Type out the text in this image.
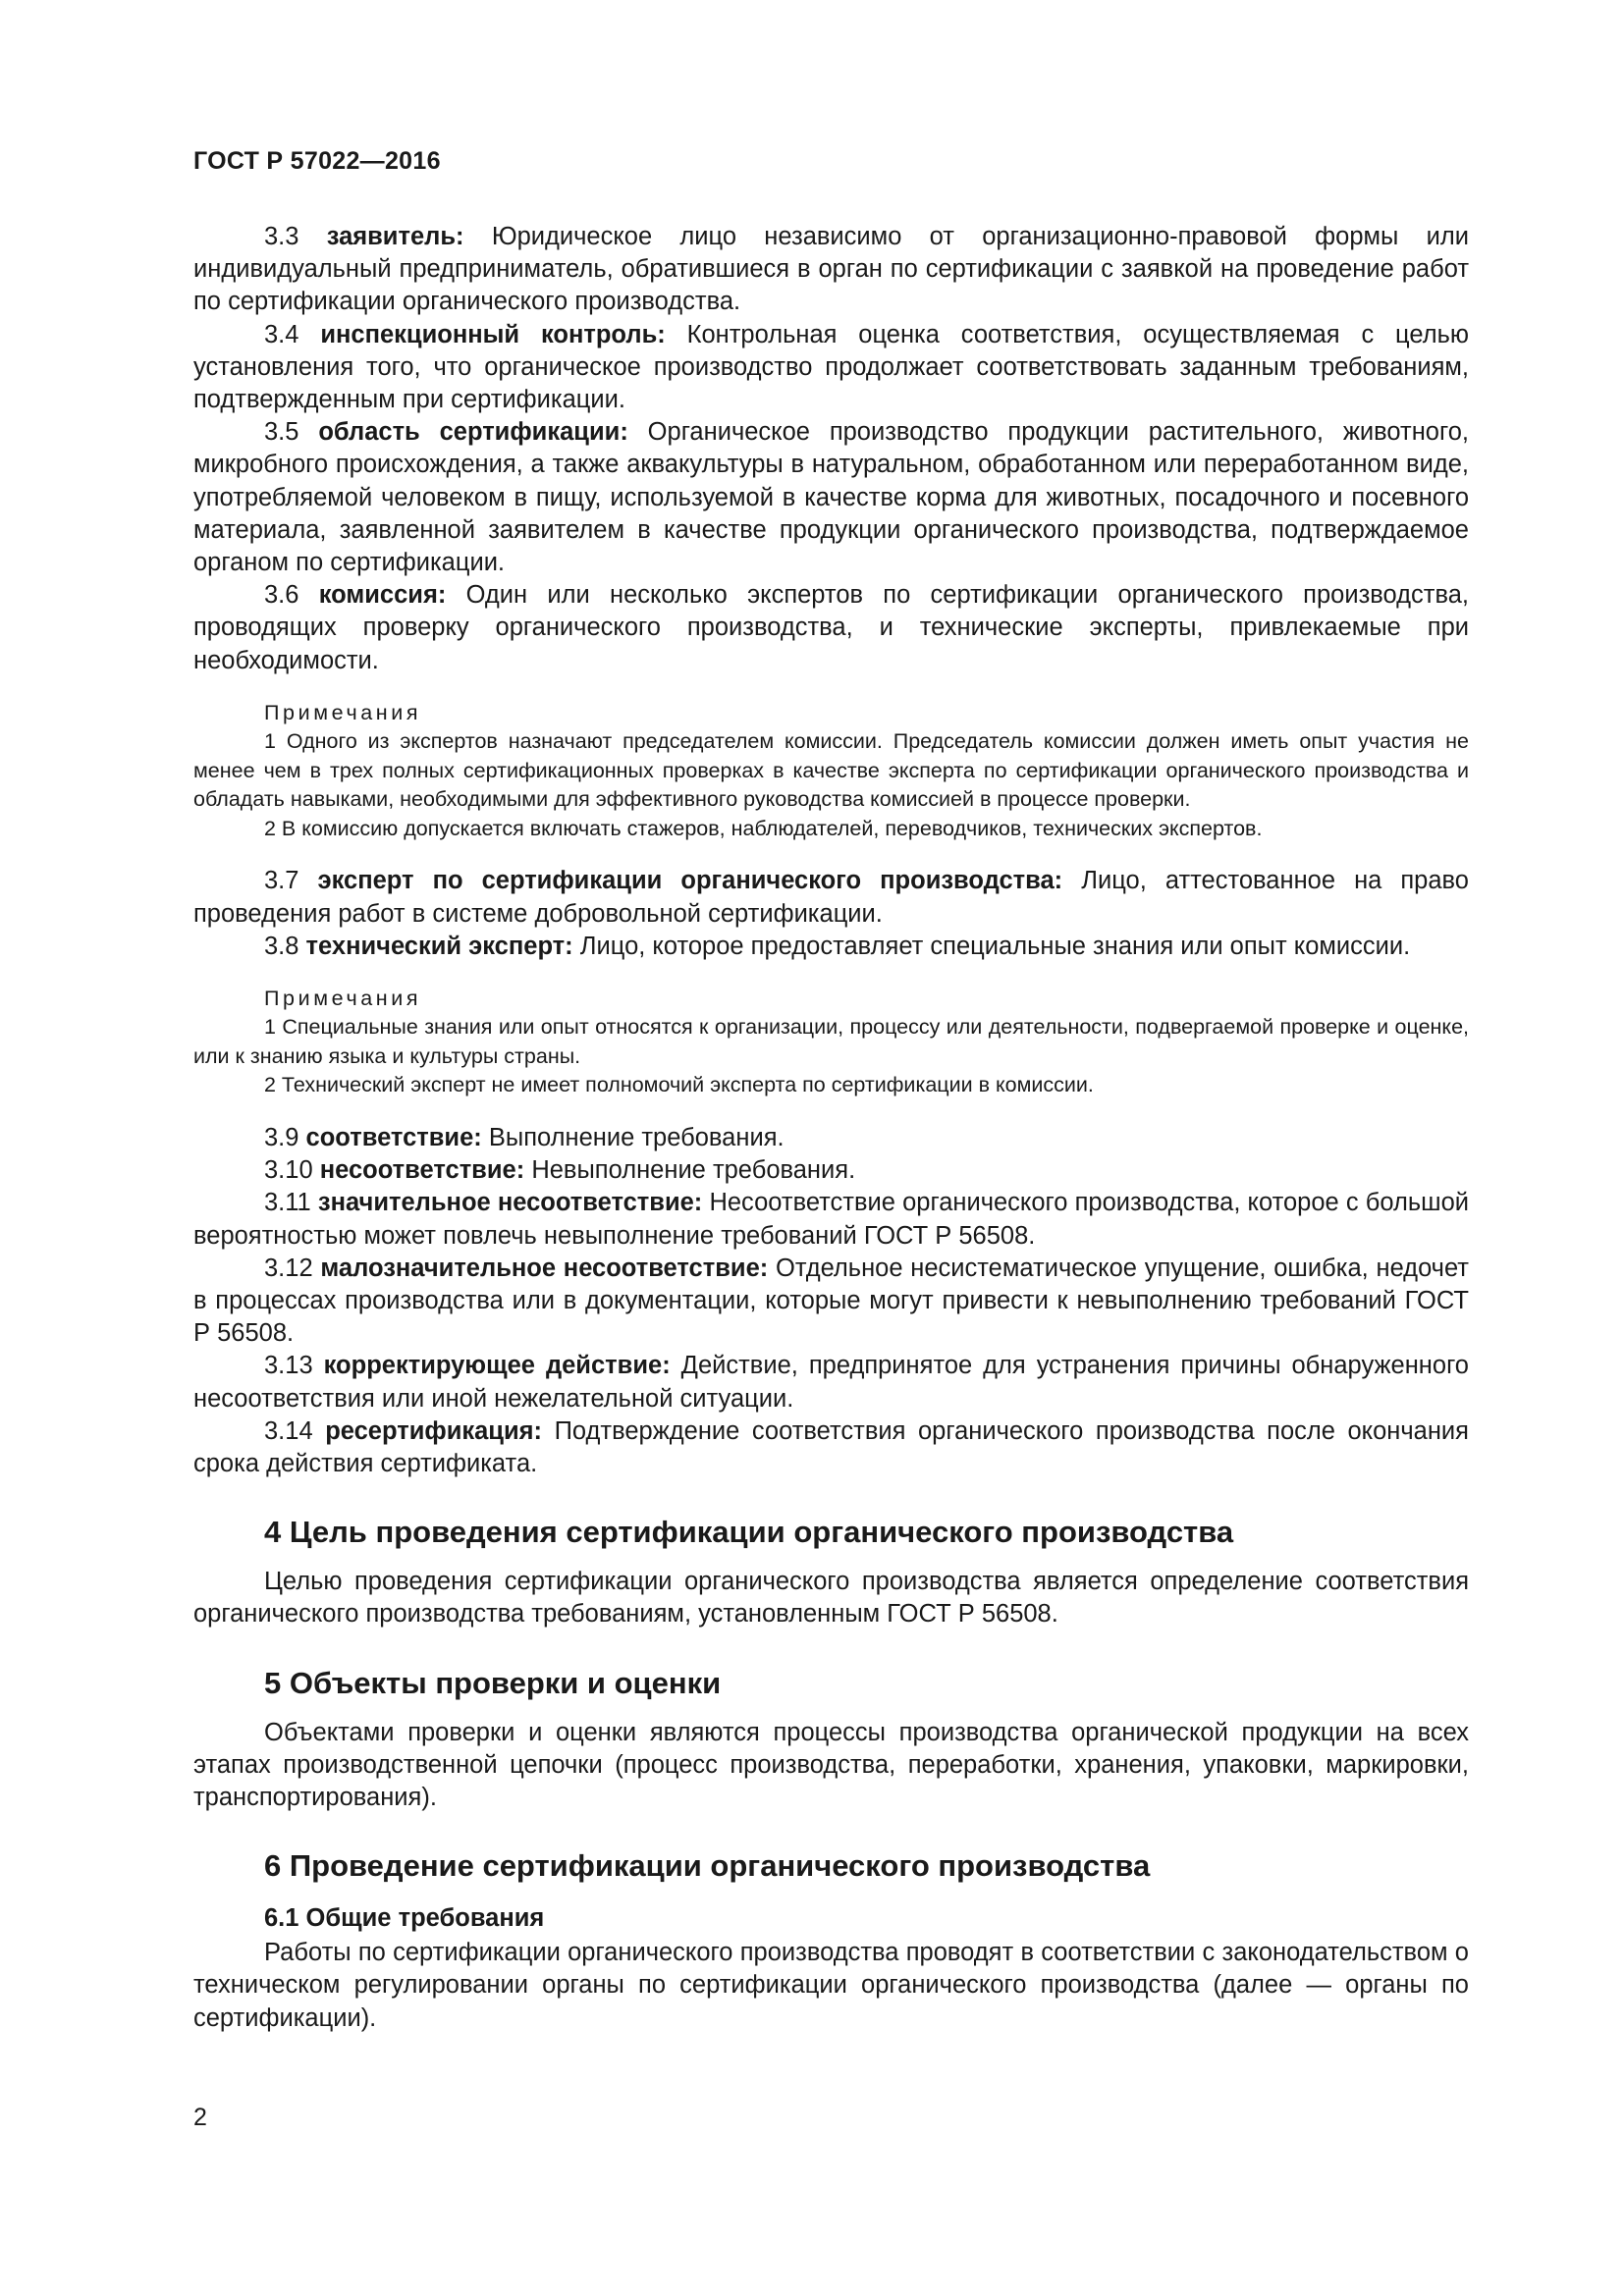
ГОСТ Р 57022—2016

3.3 заявитель: Юридическое лицо независимо от организационно-правовой формы или индивидуальный предприниматель, обратившиеся в орган по сертификации с заявкой на проведение работ по сертификации органического производства.

3.4 инспекционный контроль: Контрольная оценка соответствия, осуществляемая с целью установления того, что органическое производство продолжает соответствовать заданным требованиям, подтвержденным при сертификации.

3.5 область сертификации: Органическое производство продукции растительного, животного, микробного происхождения, а также аквакультуры в натуральном, обработанном или переработанном виде, употребляемой человеком в пищу, используемой в качестве корма для животных, посадочного и посевного материала, заявленной заявителем в качестве продукции органического производства, подтверждаемое органом по сертификации.

3.6 комиссия: Один или несколько экспертов по сертификации органического производства, проводящих проверку органического производства, и технические эксперты, привлекаемые при необходимости.

Примечания

1 Одного из экспертов назначают председателем комиссии. Председатель комиссии должен иметь опыт участия не менее чем в трех полных сертификационных проверках в качестве эксперта по сертификации органического производства и обладать навыками, необходимыми для эффективного руководства комиссией в процессе проверки.

2 В комиссию допускается включать стажеров, наблюдателей, переводчиков, технических экспертов.

3.7 эксперт по сертификации органического производства: Лицо, аттестованное на право проведения работ в системе добровольной сертификации.

3.8 технический эксперт: Лицо, которое предоставляет специальные знания или опыт комиссии.

Примечания

1 Специальные знания или опыт относятся к организации, процессу или деятельности, подвергаемой проверке и оценке, или к знанию языка и культуры страны.

2 Технический эксперт не имеет полномочий эксперта по сертификации в комиссии.

3.9 соответствие: Выполнение требования.

3.10 несоответствие: Невыполнение требования.

3.11 значительное несоответствие: Несоответствие органического производства, которое с большой вероятностью может повлечь невыполнение требований ГОСТ Р 56508.

3.12 малозначительное несоответствие: Отдельное несистематическое упущение, ошибка, недочет в процессах производства или в документации, которые могут привести к невыполнению требований ГОСТ Р 56508.

3.13 корректирующее действие: Действие, предпринятое для устранения причины обнаруженного несоответствия или иной нежелательной ситуации.

3.14 ресертификация: Подтверждение соответствия органического производства после окончания срока действия сертификата.

4 Цель проведения сертификации органического производства

Целью проведения сертификации органического производства является определение соответствия органического производства требованиям, установленным ГОСТ Р 56508.

5 Объекты проверки и оценки

Объектами проверки и оценки являются процессы производства органической продукции на всех этапах производственной цепочки (процесс производства, переработки, хранения, упаковки, маркировки, транспортирования).

6 Проведение сертификации органического производства
6.1 Общие требования

Работы по сертификации органического производства проводят в соответствии с законодательством о техническом регулировании органы по сертификации органического производства (далее — органы по сертификации).

2
